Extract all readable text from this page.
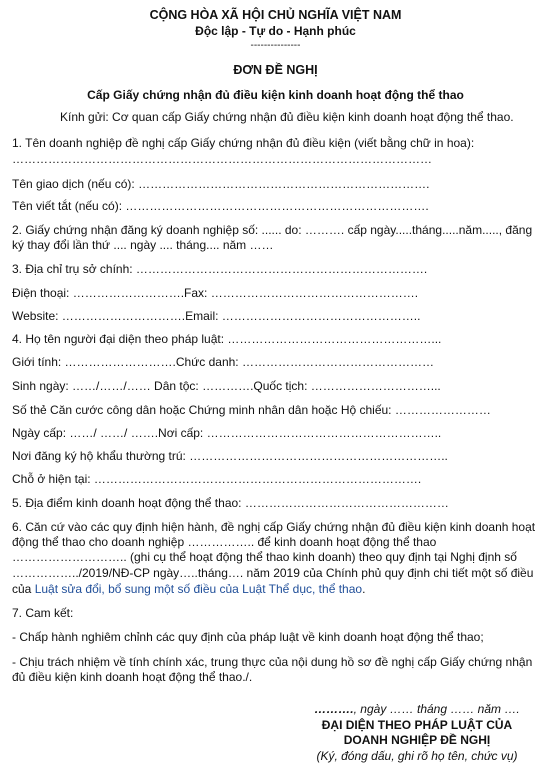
CỘNG HÒA XÃ HỘI CHỦ NGHĨA VIỆT NAM
Độc lập - Tự do - Hạnh phúc
---------------
ĐƠN ĐỀ NGHỊ
Cấp Giấy chứng nhận đủ điều kiện kinh doanh hoạt động thể thao
Kính gửi: Cơ quan cấp Giấy chứng nhận đủ điều kiện kinh doanh hoạt động thể thao.
1. Tên doanh nghiệp đề nghị cấp Giấy chứng nhận đủ điều kiện (viết bằng chữ in hoa):
……………………………………………………………………………………………
Tên giao dịch (nếu có): ……………………………………………………………….
Tên viết tắt (nếu có): ………………………………………………………………….
2. Giấy chứng nhận đăng ký doanh nghiệp số: ...... do: ………. cấp ngày.....tháng.....năm....., đăng
ký thay đổi lần thứ .... ngày .... tháng.... năm ……
3. Địa chỉ trụ sở chính: ……………………………………………………………….
Điện thoại: ……………………….Fax: …………………………………………….
Website: ………………………….Email: …………………………………………..
4. Họ tên người đại diện theo pháp luật: ……………………………………………...
Giới tính: ……………………….Chức danh: …………………………………………
Sinh ngày: ……/……/…… Dân tộc: ………….Quốc tịch: …………………………...
Số thẻ Căn cước công dân hoặc Chứng minh nhân dân hoặc Hộ chiếu: ……………………
Ngày cấp: ……/ ……/ …….Nơi cấp: …………………………………………………..
Nơi đăng ký hộ khẩu thường trú: ………………………………………………………..
Chỗ ở hiện tại: ……………………………………………………………………….
5. Địa điểm kinh doanh hoạt động thể thao: ……………………………………………
6. Căn cứ vào các quy định hiện hành, đề nghị cấp Giấy chứng nhận đủ điều kiện kinh doanh hoạt
động thể thao cho doanh nghiệp …………….. để kinh doanh hoạt động thể thao
……………………….. (ghi cụ thể hoạt động thể thao kinh doanh) theo quy định tại Nghị định số
……………../2019/NĐ-CP ngày…..tháng…. năm 2019 của Chính phủ quy định chi tiết một số điều
của Luật sửa đổi, bổ sung một số điều của Luật Thể dục, thể thao.
7. Cam kết:
- Chấp hành nghiêm chỉnh các quy định của pháp luật về kinh doanh hoạt động thể thao;
- Chịu trách nhiệm về tính chính xác, trung thực của nội dung hồ sơ đề nghị cấp Giấy chứng nhận
đủ điều kiện kinh doanh hoạt động thể thao./.
………., ngày …… tháng …… năm ….
ĐẠI DIỆN THEO PHÁP LUẬT CỦA
DOANH NGHIỆP ĐỀ NGHỊ
(Ký, đóng dấu, ghi rõ họ tên, chức vụ)
